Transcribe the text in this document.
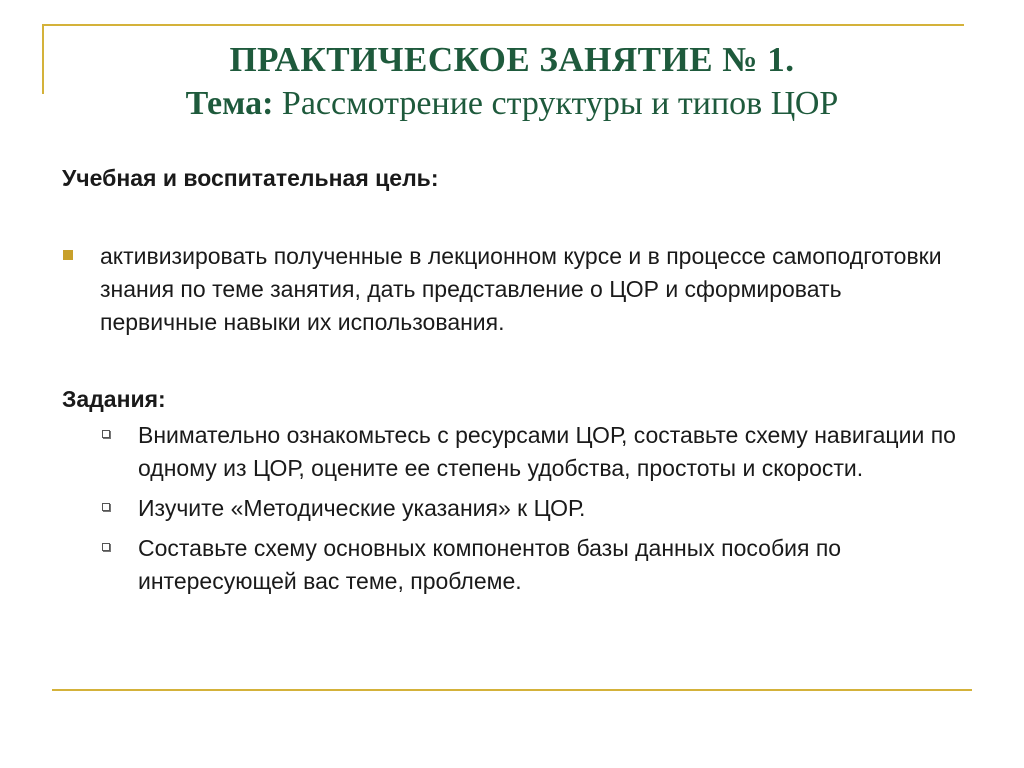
ПРАКТИЧЕСКОЕ ЗАНЯТИЕ № 1.
Тема: Рассмотрение структуры и типов ЦОР

Учебная и воспитательная цель:

активизировать полученные в лекционном курсе и в процессе самоподготовки знания по теме занятия, дать представление о ЦОР и сформировать первичные навыки их использования.

Задания:

Внимательно ознакомьтесь с ресурсами ЦОР, составьте схему навигации по одному из ЦОР, оцените ее степень удобства, простоты и скорости.
Изучите «Методические указания» к ЦОР.
Составьте схему основных компонентов базы данных пособия по интересующей вас теме, проблеме.
